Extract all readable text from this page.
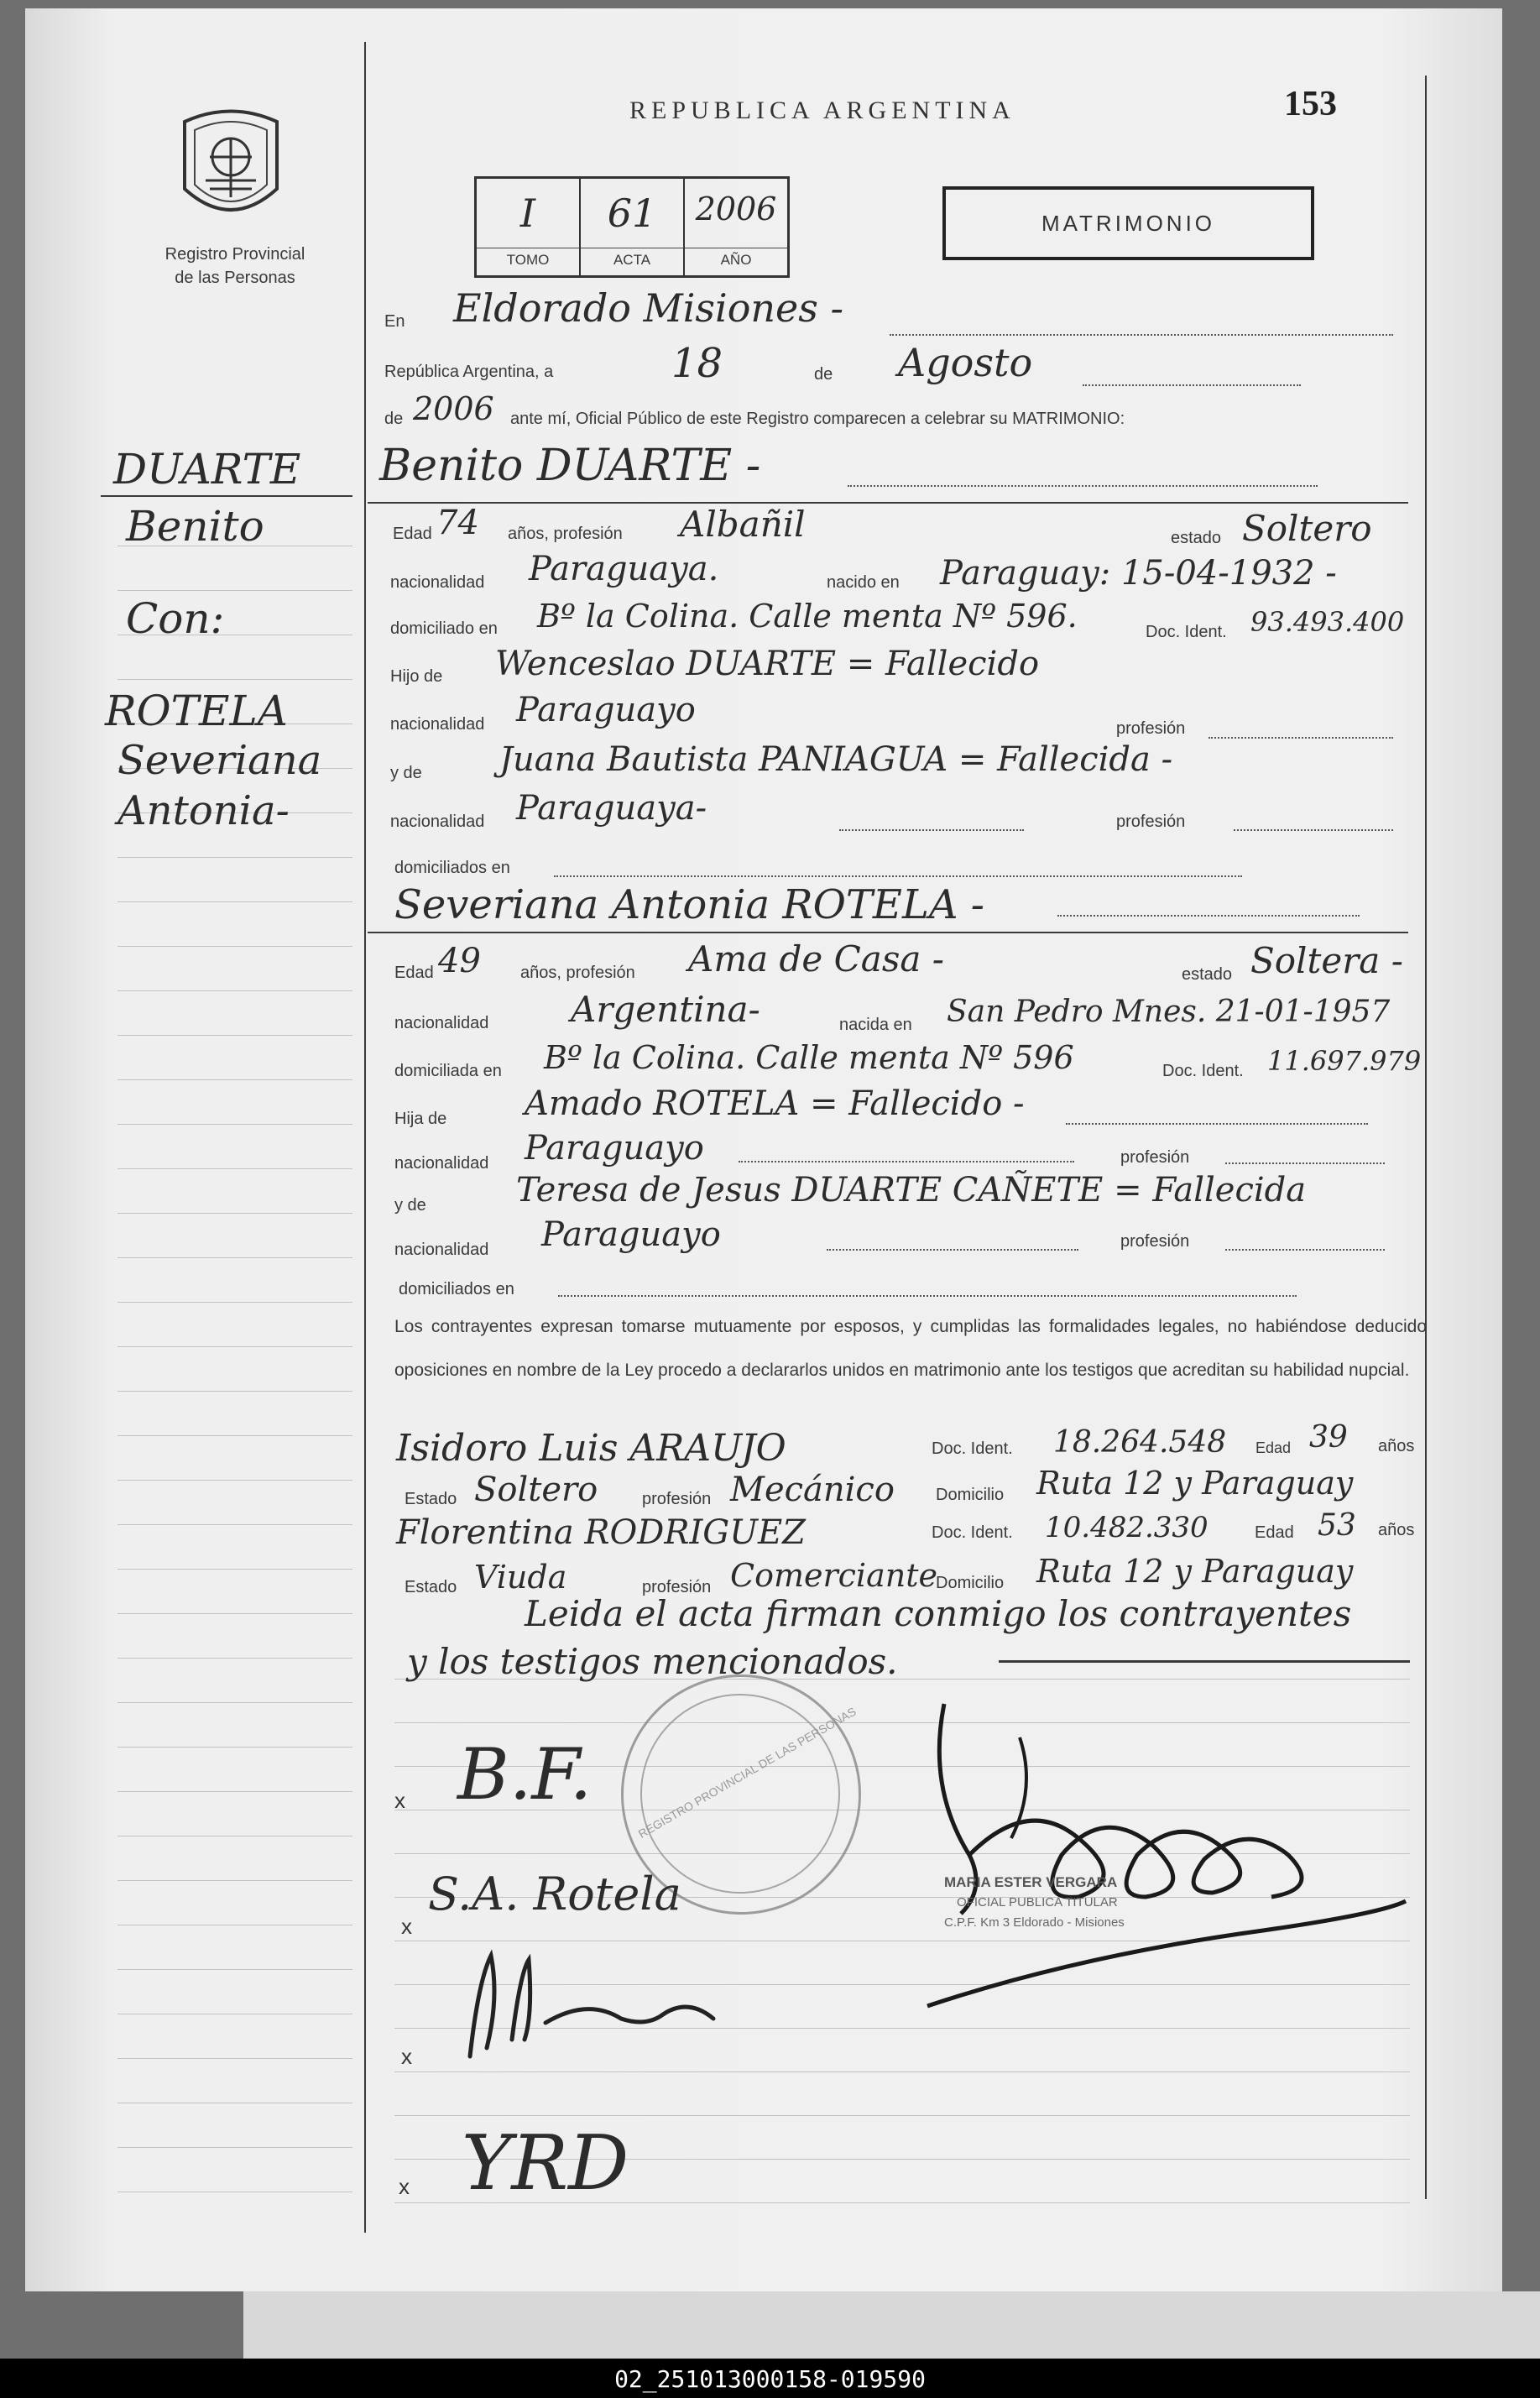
REPUBLICA ARGENTINA	153
Registro Provincial
de las Personas
I
TOMO
61
ACTA
2006
AÑO
MATRIMONIO
DUARTE
Benito
Con:
ROTELA
Severiana
Antonia-
En Eldorado Misiones -
República Argentina, a	18	de Agosto
de 2006 ante mí, Oficial Público de este Registro comparecen a celebrar su MATRIMONIO:
Benito DUARTE -
Edad 74 años, profesión Albañil	estado Soltero
nacionalidad Paraguaya.	nacido en Paraguay: 15-04-1932 -
domiciliado en Bº la Colina. Calle menta Nº 596.	Doc. Ident. 93.493.400
Hijo de Wenceslao DUARTE = Fallecido
nacionalidad Paraguayo	profesión
y de Juana Bautista PANIAGUA = Fallecida -
nacionalidad Paraguaya-	profesión
domiciliados en
Severiana Antonia ROTELA -
Edad 49 años, profesión Ama de Casa -	estado Soltera -
nacionalidad Argentina-	nacida en San Pedro Mnes. 21-01-1957
domiciliada en Bº la Colina. Calle menta Nº 596	Doc. Ident. 11.697.979
Hija de Amado ROTELA = Fallecido -
nacionalidad Paraguayo	profesión
y de	Teresa de Jesus DUARTE CAÑETE = Fallecida
nacionalidad Paraguayo	profesión
domiciliados en
Los contrayentes expresan tomarse mutuamente por esposos, y cumplidas las formalidades legales, no habiéndose deducido oposiciones en nombre de la Ley procedo a declararlos unidos en matrimonio ante los testigos que acreditan su habilidad nupcial.
Isidoro Luis ARAUJO	Doc. Ident. 18.264.548 Edad 39 años
Estado Soltero	profesión Mecánico Domicilio Ruta 12 y Paraguay
Florentina RODRIGUEZ	Doc. Ident. 10.482.330	Edad 53 años
Estado Viuda	profesión Comerciante
Domicilio Ruta 12 y Paraguay
Leida el acta firman conmigo los contrayentes
y los testigos mencionados.
REGISTRO PROVINCIAL DE LAS PERSONAS
x B.F.
x
S.A. Rotela
x
x YRD
MARIA ESTER VERGARA
OFICIAL PUBLICA TITULAR
C.P.F. Km 3 Eldorado - Misiones
02_251013000158-019590
